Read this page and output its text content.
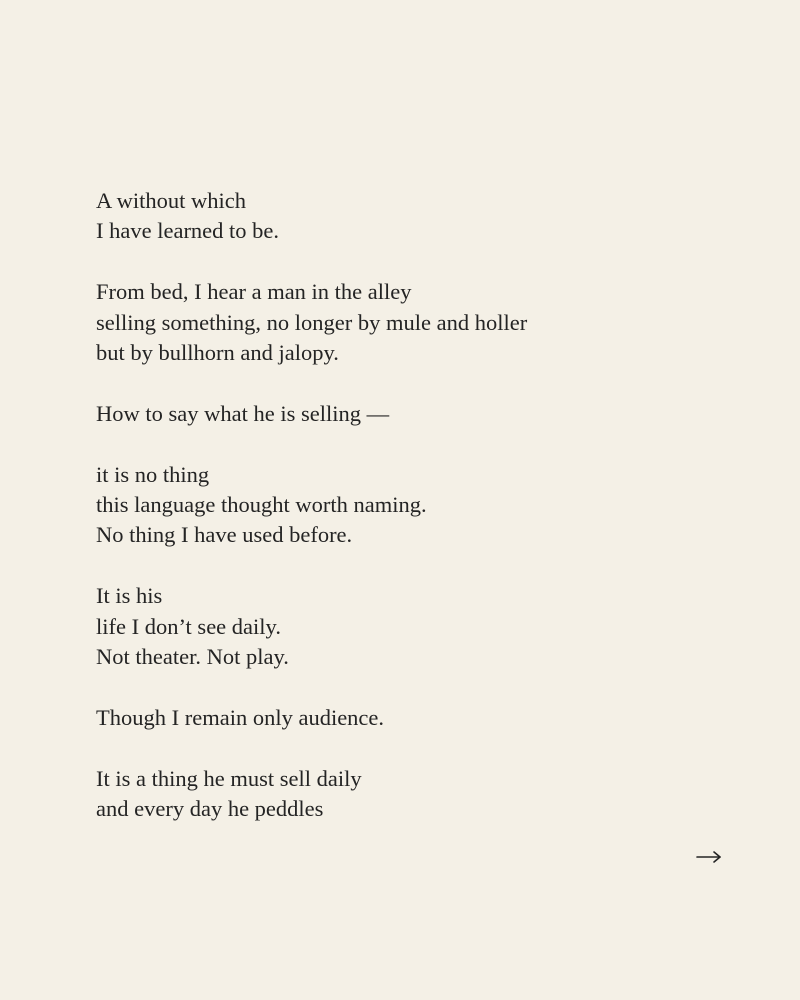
A without which
I have learned to be.
From bed, I hear a man in the alley
selling something, no longer by mule and holler
but by bullhorn and jalopy.
How to say what he is selling —
it is no thing
this language thought worth naming.
No thing I have used before.
It is his
life I don’t see daily.
Not theater. Not play.
Though I remain only audience.
It is a thing he must sell daily
and every day he peddles
